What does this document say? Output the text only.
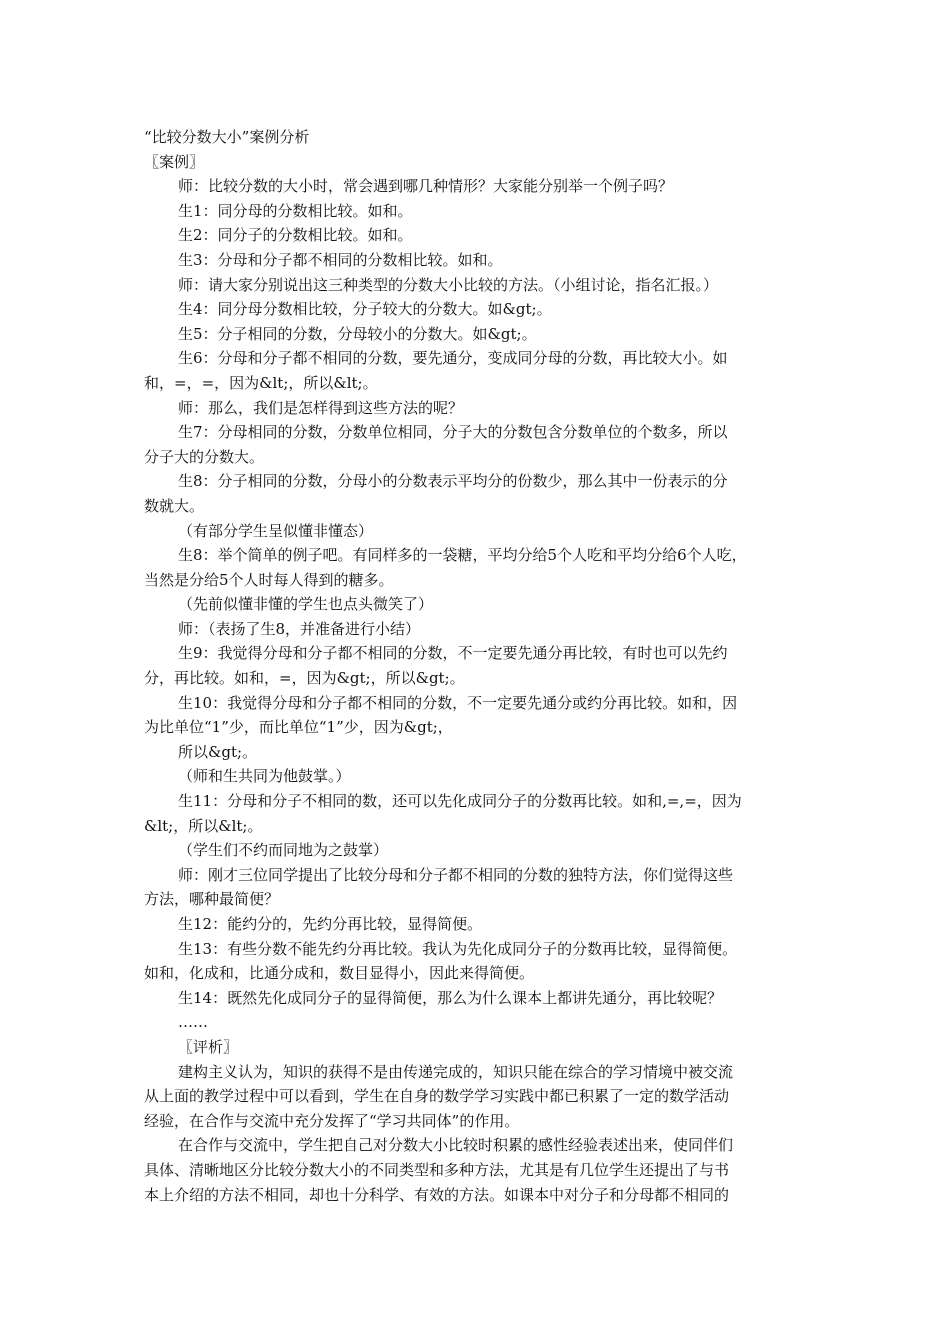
“比较分数大小”案例分析
〖案例〗
师：比较分数的大小时，常会遇到哪几种情形？大家能分别举一个例子吗？
生1：同分母的分数相比较。如和。
生2：同分子的分数相比较。如和。
生3：分母和分子都不相同的分数相比较。如和。
师：请大家分别说出这三种类型的分数大小比较的方法。（小组讨论，指名汇报。）
生4：同分母分数相比较，分子较大的分数大。如&gt;。
生5：分子相同的分数，分母较小的分数大。如&gt;。
生6：分母和分子都不相同的分数，要先通分，变成同分母的分数，再比较大小。如
和，=，=，因为&lt;，所以&lt;。
师：那么，我们是怎样得到这些方法的呢？
生7：分母相同的分数，分数单位相同，分子大的分数包含分数单位的个数多，所以
分子大的分数大。
生8：分子相同的分数，分母小的分数表示平均分的份数少，那么其中一份表示的分
数就大。
（有部分学生呈似懂非懂态）
生8：举个简单的例子吧。有同样多的一袋糖，平均分给5个人吃和平均分给6个人吃，
当然是分给5个人时每人得到的糖多。
（先前似懂非懂的学生也点头微笑了）
师：（表扬了生8，并准备进行小结）
生9：我觉得分母和分子都不相同的分数，不一定要先通分再比较，有时也可以先约
分，再比较。如和，=，因为&gt;，所以&gt;。
生10：我觉得分母和分子都不相同的分数，不一定要先通分或约分再比较。如和，因
为比单位“1”少，而比单位“1”少，因为&gt;，
所以&gt;。
（师和生共同为他鼓掌。）
生11：分母和分子不相同的数，还可以先化成同分子的分数再比较。如和,=,=，因为
&lt;，所以&lt;。
（学生们不约而同地为之鼓掌）
师：刚才三位同学提出了比较分母和分子都不相同的分数的独特方法，你们觉得这些
方法，哪种最简便？
生12：能约分的，先约分再比较，显得简便。
生13：有些分数不能先约分再比较。我认为先化成同分子的分数再比较，显得简便。
如和，化成和，比通分成和，数目显得小，因此来得简便。
生14：既然先化成同分子的显得简便，那么为什么课本上都讲先通分，再比较呢？
……
〖评析〗
建构主义认为，知识的获得不是由传递完成的，知识只能在综合的学习情境中被交流
从上面的教学过程中可以看到，学生在自身的数学学习实践中都已积累了一定的数学活动
经验，在合作与交流中充分发挥了“学习共同体”的作用。
在合作与交流中，学生把自己对分数大小比较时积累的感性经验表述出来，使同伴们
具体、清晰地区分比较分数大小的不同类型和多种方法，尤其是有几位学生还提出了与书
本上介绍的方法不相同，却也十分科学、有效的方法。如课本中对分子和分母都不相同的
